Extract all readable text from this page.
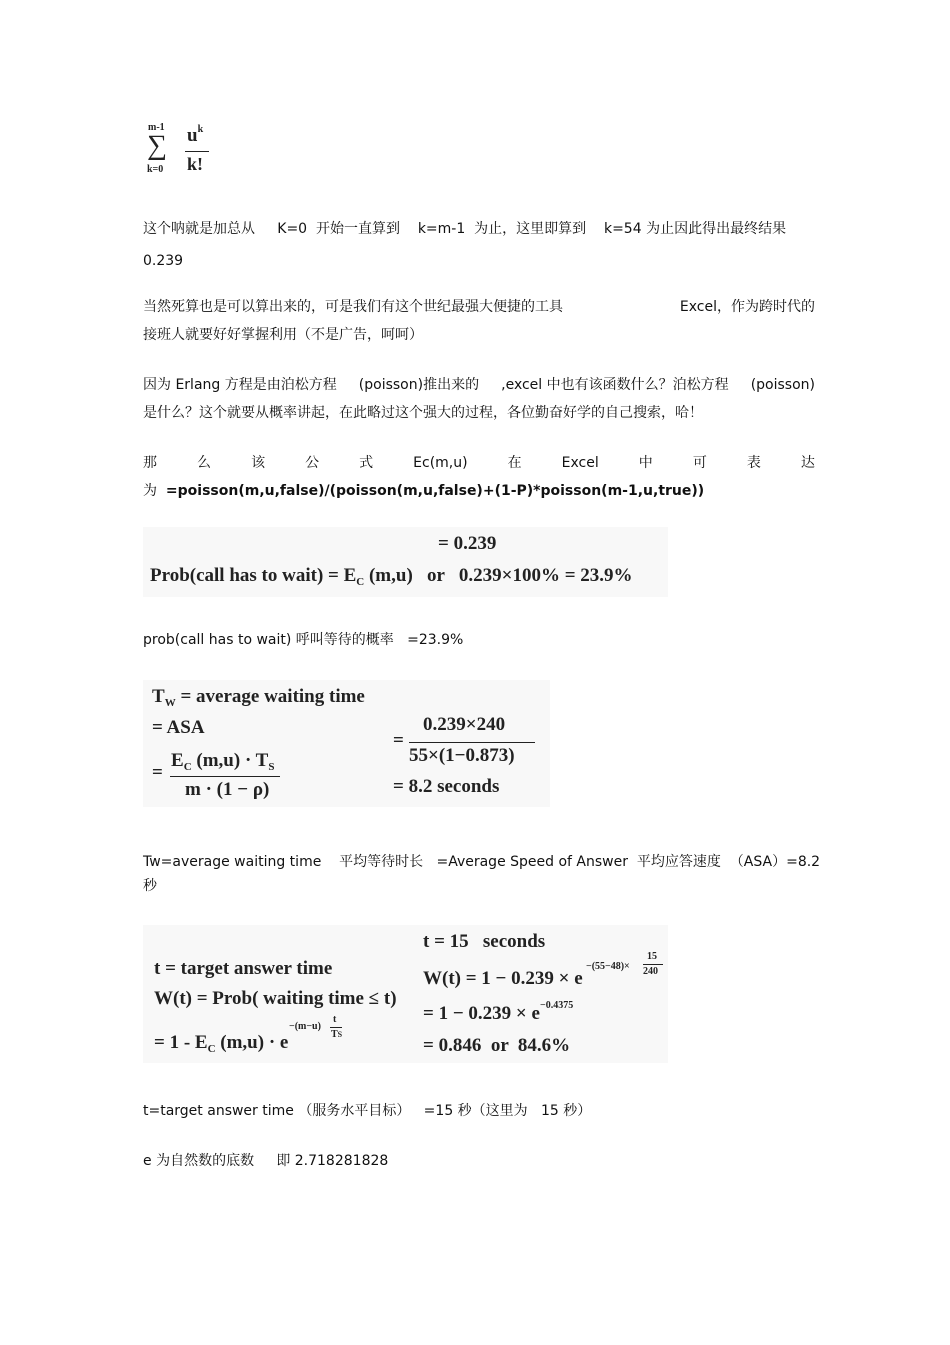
m-1
∑
k=0
$u^k$
k!
这个呐就是加总从 K=0 开始一直算到 k=m-1 为止，这里即算到 k=54 为止因此得出最终结果
0.239
当然死算也是可以算出来的，可是我们有这个世纪最强大便捷的工具	Excel，作为跨时代的
接班人就要好好掌握利用（不是广告，呵呵）
因为 Erlang 方程是由泊松方程 (poisson)推出来的 ,excel 中也有该函数什么？泊松方程 (poisson)
是什么？这个就要从概率讲起，在此略过这个强大的过程，各位勤奋好学的自己搜索，哈！
那	么	该	公	式	Ec(m,u)	在	Excel	中	可	表	达
为 =poisson(m,u,false)/(poisson(m,u,false)+(1-P)*poisson(m-1,u,true))
= 0.239
Prob(call has to wait) = $E_C$ (m,u)   or   0.239×100% = 23.9%
prob(call has to wait) 呼叫等待的概率   =23.9%
$T_W$ = average waiting time
= ASA
=
$E_C$ $(m,u) \cdot T_S$
m · (1 − ρ)
=
0.239×240
55×(1−0.873)
= 8.2 seconds
Tw=average waiting time    平均等待时长   =Average Speed of Answer  平均应答速度  （ASA）=8.2
秒
t = target answer time
W(t) = Prob( waiting time ≤ t)
= $1 - E_C$ (m,u) · e
−(m−u)
t
TS
t = 15   seconds
W(t) = 1 − 0.239 × e
−(55−48)×
15
240
= 1 − 0.239 × e −0.4375
= 0.846  or  84.6%
t=target answer time （服务水平目标）   =15 秒（这里为   15 秒）
e 为自然数的底数     即 2.718281828
